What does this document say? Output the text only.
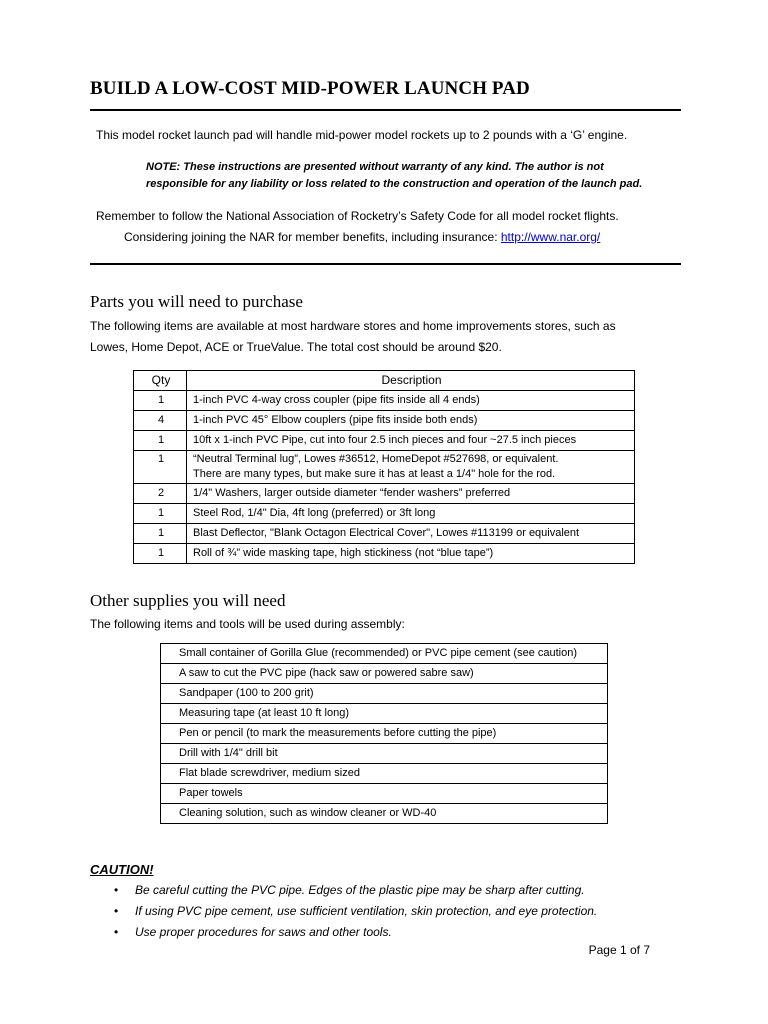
BUILD A LOW-COST MID-POWER LAUNCH PAD
This model rocket launch pad will handle mid-power model rockets up to 2 pounds with a ‘G’ engine.
NOTE: These instructions are presented without warranty of any kind. The author is not
responsible for any liability or loss related to the construction and operation of the launch pad.
Remember to follow the National Association of Rocketry’s Safety Code for all model rocket flights.
Considering joining the NAR for member benefits, including insurance: http://www.nar.org/
Parts you will need to purchase
The following items are available at most hardware stores and home improvements stores, such as
Lowes, Home Depot, ACE or TrueValue. The total cost should be around $20.
Qty	Description
1	1-inch PVC 4-way cross coupler (pipe fits inside all 4 ends)
4	1-inch PVC 45° Elbow couplers (pipe fits inside both ends)
1	10ft x 1-inch PVC Pipe, cut into four 2.5 inch pieces and four ~27.5 inch pieces
1	“Neutral Terminal lug”, Lowes #36512, HomeDepot #527698, or equivalent.
There are many types, but make sure it has at least a 1/4" hole for the rod.

2	1/4" Washers, larger outside diameter “fender washers” preferred
1	Steel Rod, 1/4" Dia, 4ft long (preferred) or 3ft long
1	Blast Deflector, "Blank Octagon Electrical Cover", Lowes #113199 or equivalent
1	Roll of ¾” wide masking tape, high stickiness (not “blue tape”)
Other supplies you will need
The following items and tools will be used during assembly:
Small container of Gorilla Glue (recommended) or PVC pipe cement (see caution)
A saw to cut the PVC pipe (hack saw or powered sabre saw)
Sandpaper (100 to 200 grit)
Measuring tape (at least 10 ft long)
Pen or pencil (to mark the measurements before cutting the pipe)
Drill with 1/4" drill bit
Flat blade screwdriver, medium sized
Paper towels
Cleaning solution, such as window cleaner or WD-40
CAUTION!
• Be careful cutting the PVC pipe. Edges of the plastic pipe may be sharp after cutting.
• If using PVC pipe cement, use sufficient ventilation, skin protection, and eye protection.
• Use proper procedures for saws and other tools.
Page 1 of 7
